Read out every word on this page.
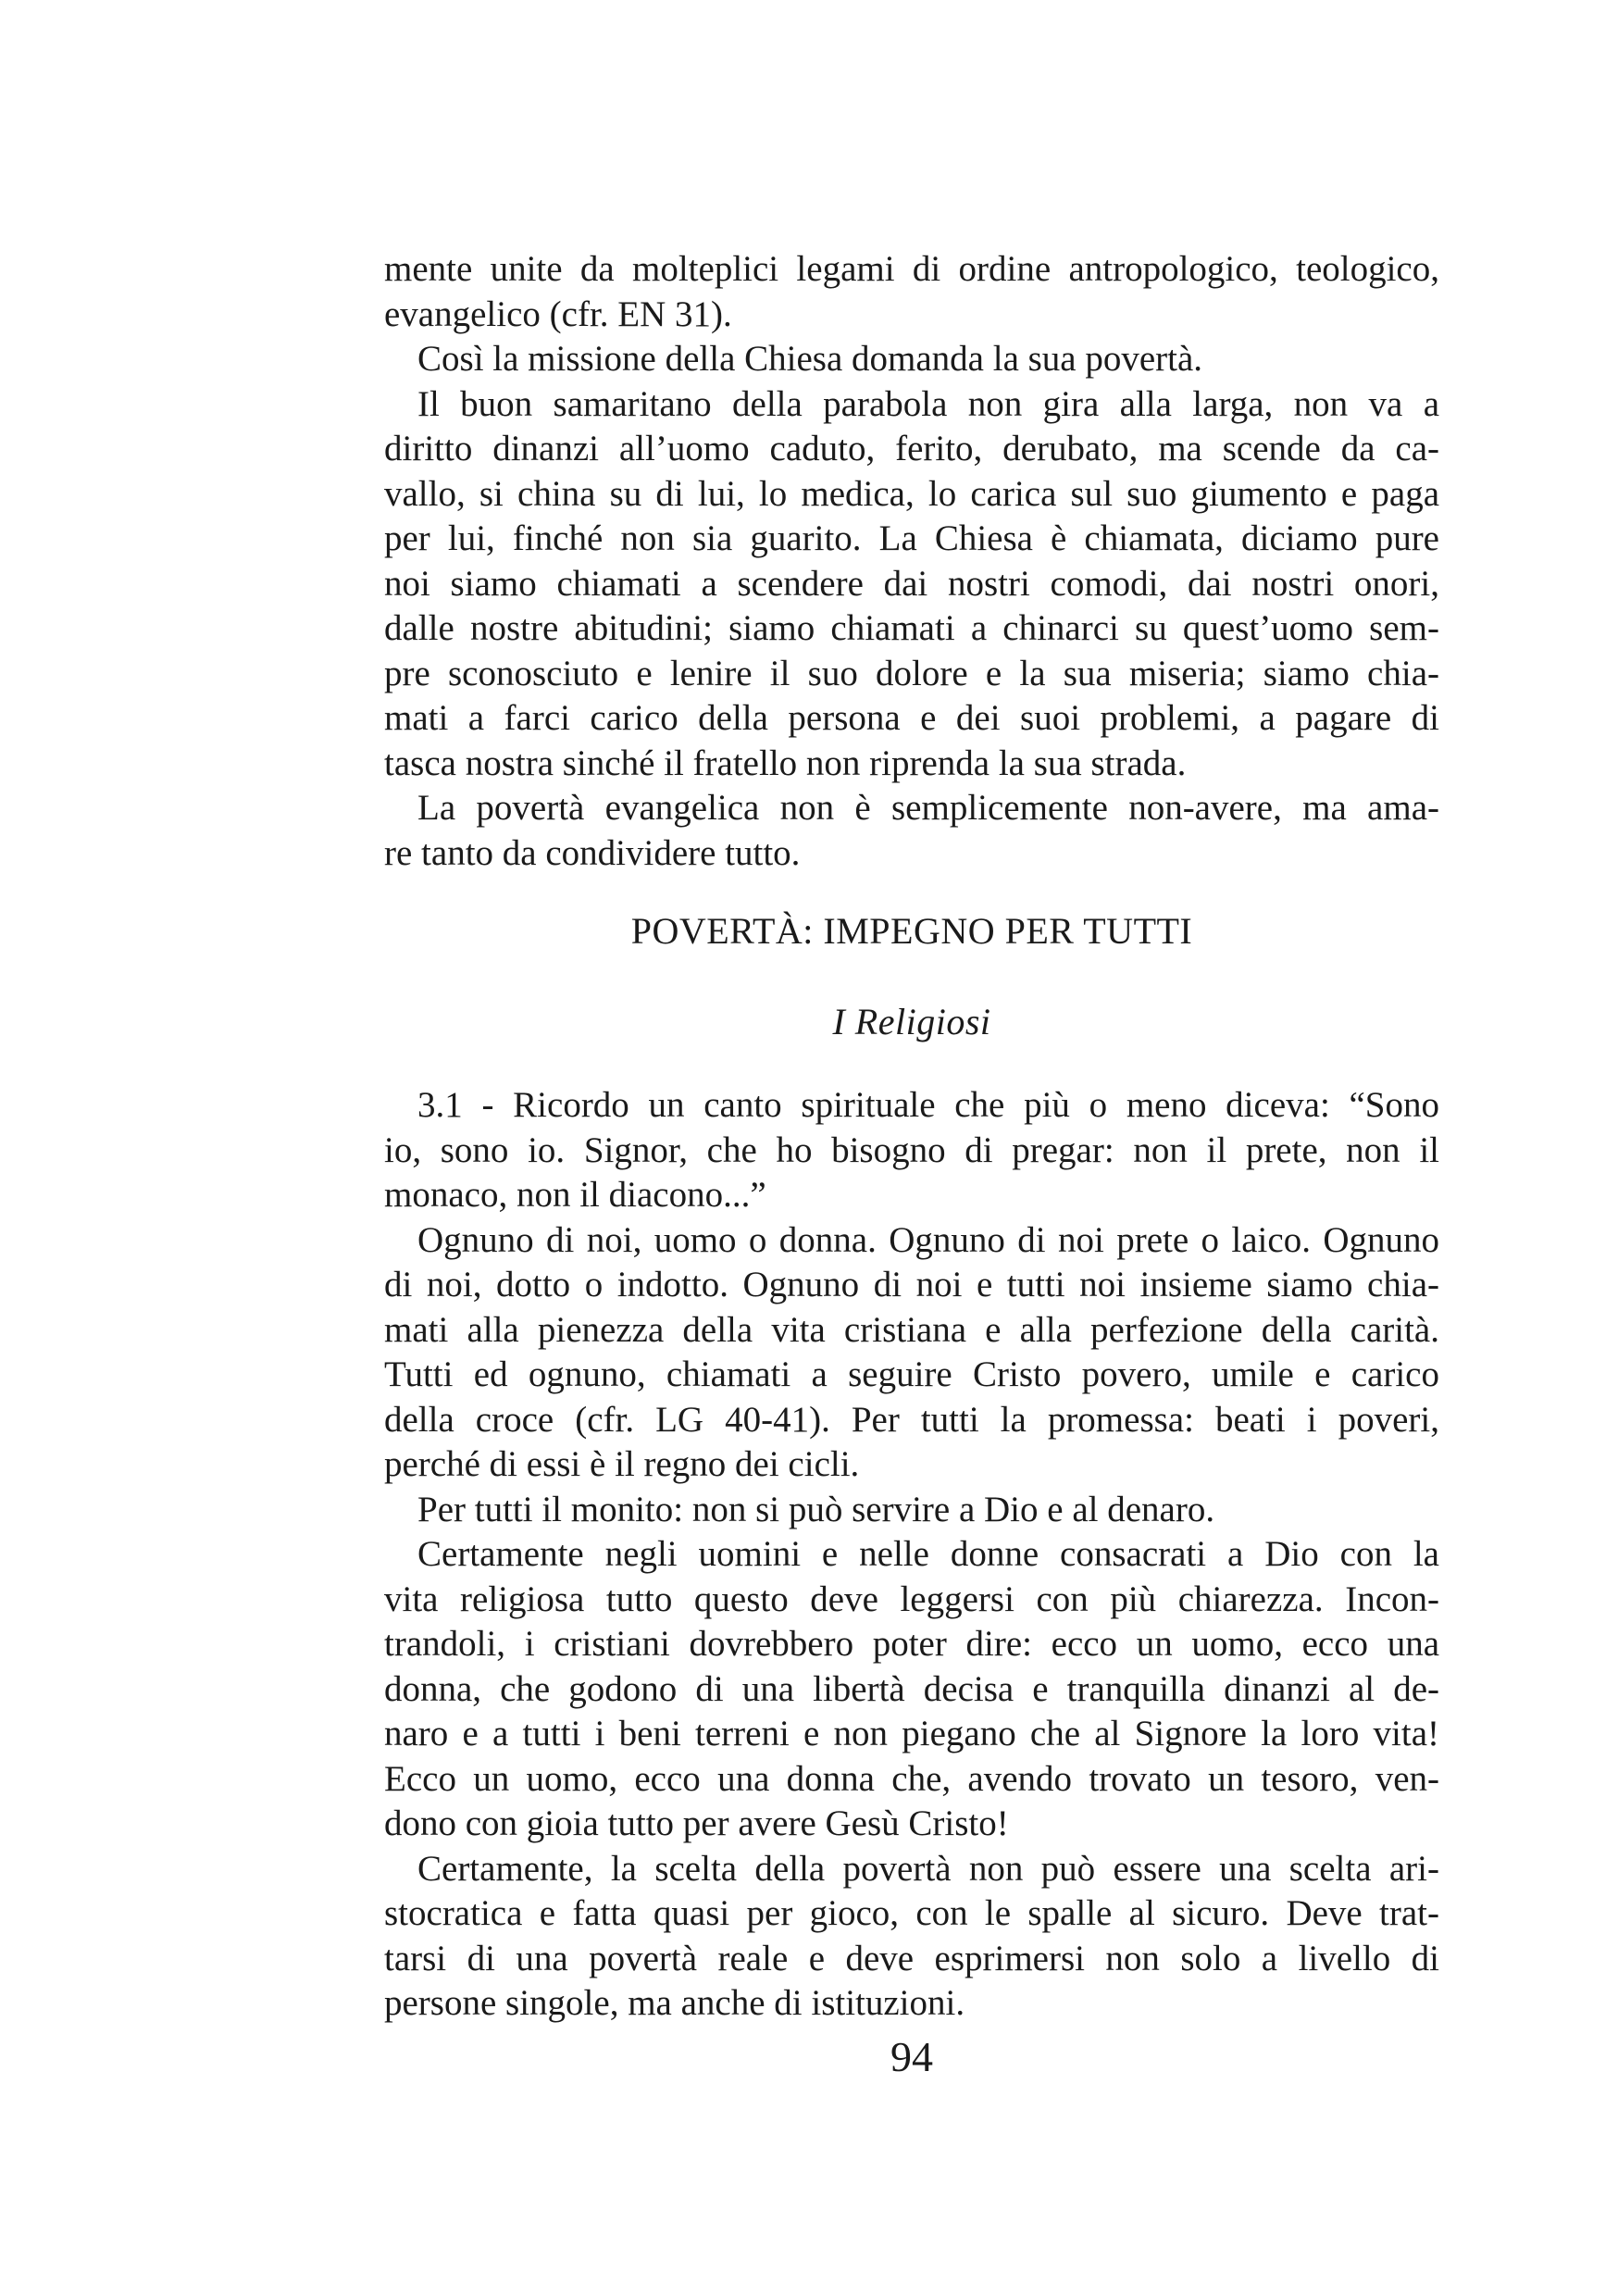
mente unite da molteplici legami di ordine antropologico, teologico,
evangelico (cfr. EN 31).
Così la missione della Chiesa domanda la sua povertà.
Il buon samaritano della parabola non gira alla larga, non va a
diritto dinanzi all’uomo caduto, ferito, derubato, ma scende da ca-
vallo, si china su di lui, lo medica, lo carica sul suo giumento e paga
per lui, finché non sia guarito. La Chiesa è chiamata, diciamo pure
noi siamo chiamati a scendere dai nostri comodi, dai nostri onori,
dalle nostre abitudini; siamo chiamati a chinarci su quest’uomo sem-
pre sconosciuto e lenire il suo dolore e la sua miseria; siamo chia-
mati a farci carico della persona e dei suoi problemi, a pagare di
tasca nostra sinché il fratello non riprenda la sua strada.
La povertà evangelica non è semplicemente non-avere, ma ama-
re tanto da condividere tutto.
POVERTÀ: IMPEGNO PER TUTTI
I Religiosi
3.1 - Ricordo un canto spirituale che più o meno diceva: “Sono
io, sono io. Signor, che ho bisogno di pregar: non il prete, non il
monaco, non il diacono...”
Ognuno di noi, uomo o donna. Ognuno di noi prete o laico. Ognuno
di noi, dotto o indotto. Ognuno di noi e tutti noi insieme siamo chia-
mati alla pienezza della vita cristiana e alla perfezione della carità.
Tutti ed ognuno, chiamati a seguire Cristo povero, umile e carico
della croce (cfr. LG 40-41). Per tutti la promessa: beati i poveri,
perché di essi è il regno dei cicli.
Per tutti il monito: non si può servire a Dio e al denaro.
Certamente negli uomini e nelle donne consacrati a Dio con la
vita religiosa tutto questo deve leggersi con più chiarezza. Incon-
trandoli, i cristiani dovrebbero poter dire: ecco un uomo, ecco una
donna, che godono di una libertà decisa e tranquilla dinanzi al de-
naro e a tutti i beni terreni e non piegano che al Signore la loro vita!
Ecco un uomo, ecco una donna che, avendo trovato un tesoro, ven-
dono con gioia tutto per avere Gesù Cristo!
Certamente, la scelta della povertà non può essere una scelta ari-
stocratica e fatta quasi per gioco, con le spalle al sicuro. Deve trat-
tarsi di una povertà reale e deve esprimersi non solo a livello di
persone singole, ma anche di istituzioni.
94
